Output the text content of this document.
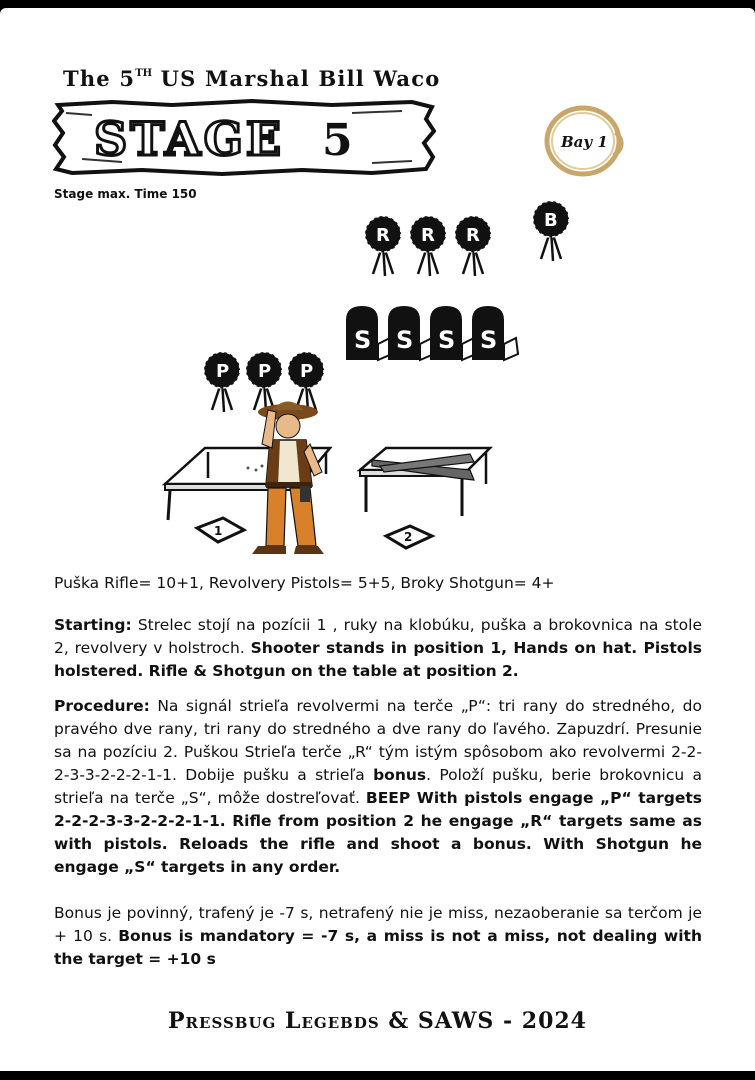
The 5TH US Marshal Bill Waco
STAGE 5	Bay 1
Stage max. Time 150
R R R
B
S S S S
P P P
1	2
Puška Rifle= 10+1, Revolvery Pistols= 5+5, Broky Shotgun= 4+
Starting: Strelec stojí na pozícii 1 , ruky na klobúku, puška a brokovnica na stole 2, revolvery v holstroch. Shooter stands in position 1, Hands on hat. Pistols holstered. Rifle & Shotgun on the table at position 2.
Procedure: Na signál strieľa revolvermi na terče „P“: tri rany do stredného, do pravého dve rany, tri rany do stredného a dve rany do ľavého. Zapuzdrí. Presunie sa na pozíciu 2. Puškou Strieľa terče „R“ tým istým spôsobom ako revolvermi 2-2-2-3-3-2-2-2-1-1. Dobije pušku a strieľa bonus. Položí pušku, berie brokovnicu a strieľa na terče „S“, môže dostreľovať. BEEP With pistols engage „P“ targets 2-2-2-3-3-2-2-2-1-1. Rifle from position 2 he engage „R“ targets same as with pistols. Reloads the rifle and shoot a bonus. With Shotgun he engage „S“ targets in any order.
Bonus je povinný, trafený je -7 s, netrafený nie je miss, nezaoberanie sa terčom je + 10 s. Bonus is mandatory = -7 s, a miss is not a miss, not dealing with the target = +10 s
Pressbug Legebds & SAWS - 2024
